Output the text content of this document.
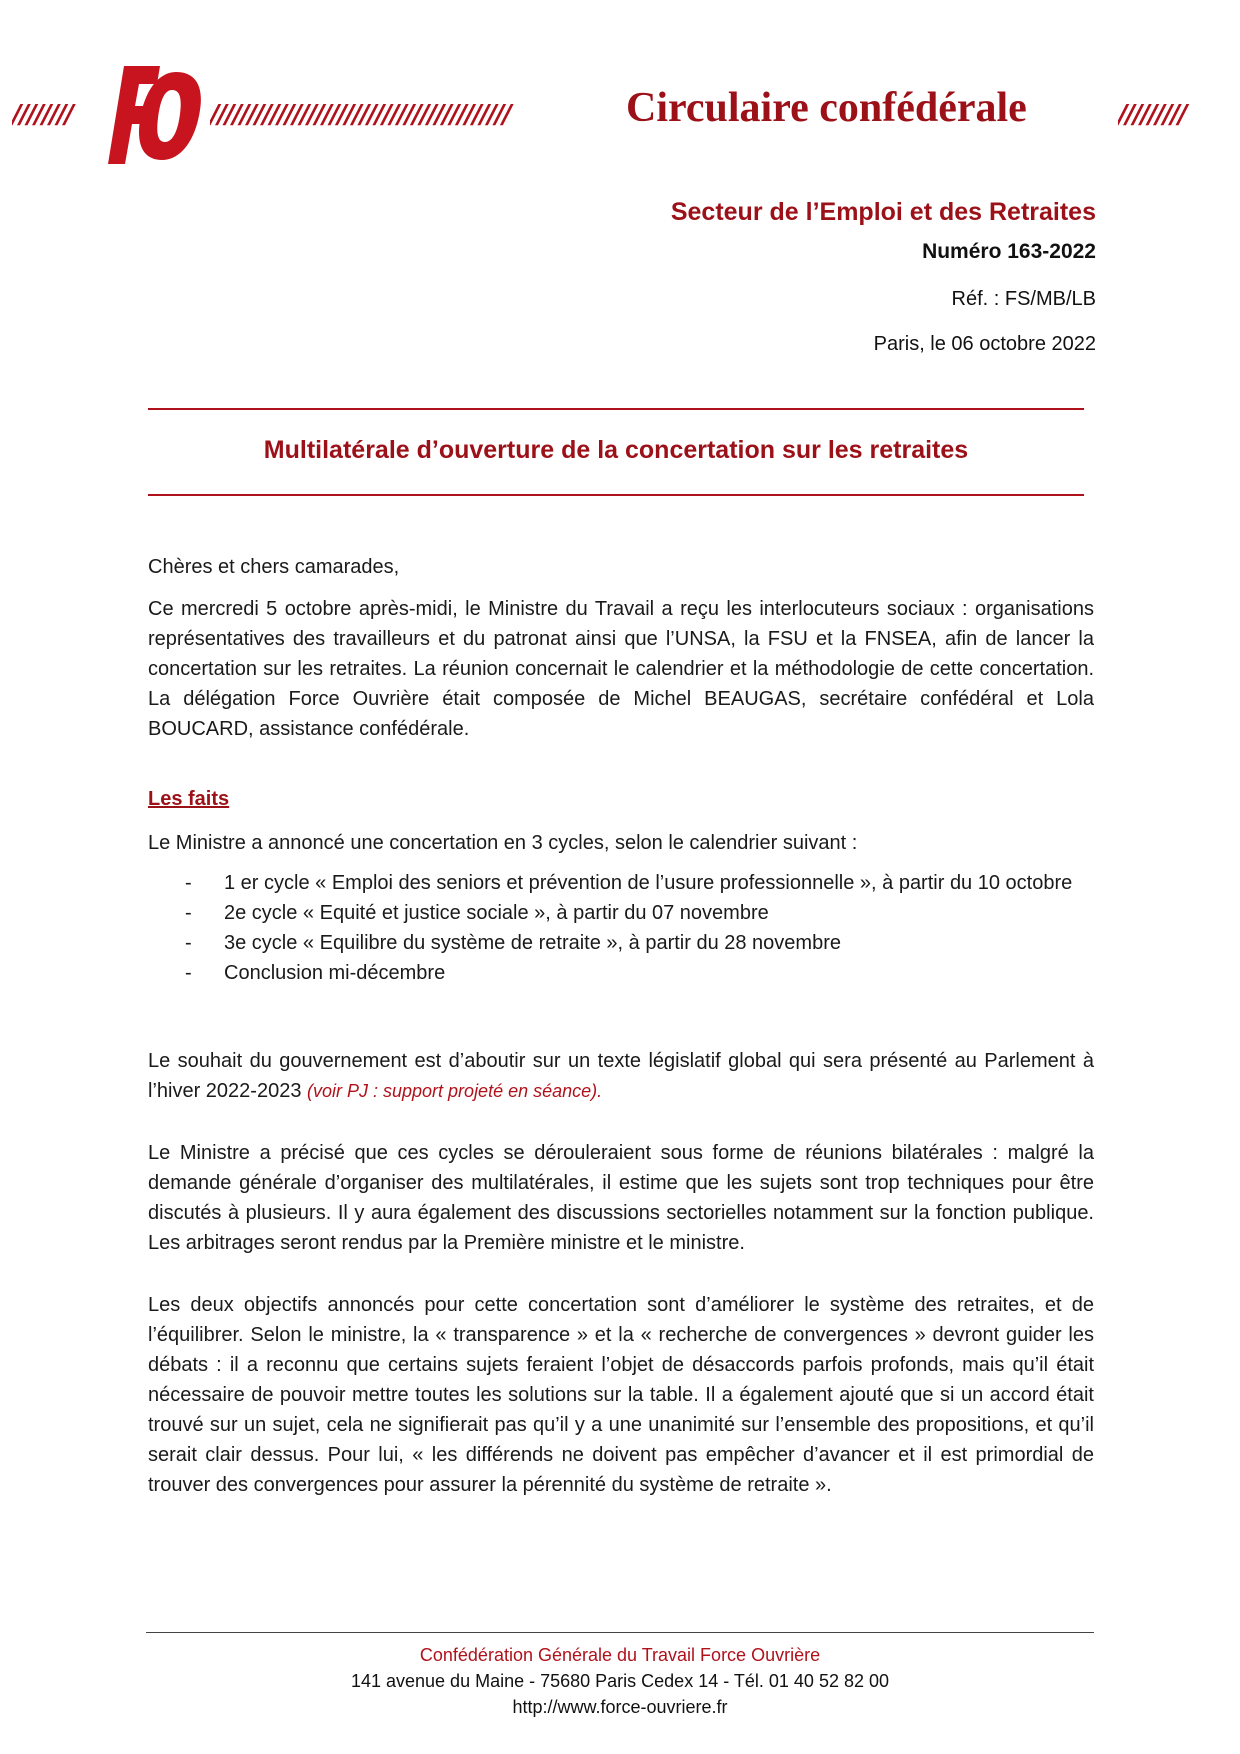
////////	////////////////////////////////////////	Circulaire confédérale	/////////
Secteur de l’Emploi et des Retraites
Numéro 163-2022
Réf. : FS/MB/LB
Paris, le 06 octobre 2022
Multilatérale d’ouverture de la concertation sur les retraites

Chères et chers camarades,

Ce mercredi 5 octobre après-midi, le Ministre du Travail a reçu les interlocuteurs sociaux : organisations représentatives des travailleurs et du patronat ainsi que l’UNSA, la FSU et la FNSEA, afin de lancer la concertation sur les retraites. La réunion concernait le calendrier et la méthodologie de cette concertation. La délégation Force Ouvrière était composée de Michel BEAUGAS, secrétaire confédéral et Lola BOUCARD, assistance confédérale.

Les faits

Le Ministre a annoncé une concertation en 3 cycles, selon le calendrier suivant :

- 1 er cycle « Emploi des seniors et prévention de l’usure professionnelle », à partir du 10 octobre
- 2e cycle « Equité et justice sociale », à partir du 07 novembre
- 3e cycle « Equilibre du système de retraite », à partir du 28 novembre
- Conclusion mi-décembre

Le souhait du gouvernement est d’aboutir sur un texte législatif global qui sera présenté au Parlement à l’hiver 2022-2023 (voir PJ : support projeté en séance).

Le Ministre a précisé que ces cycles se dérouleraient sous forme de réunions bilatérales : malgré la demande générale d’organiser des multilatérales, il estime que les sujets sont trop techniques pour être discutés à plusieurs. Il y aura également des discussions sectorielles notamment sur la fonction publique. Les arbitrages seront rendus par la Première ministre et le ministre.

Les deux objectifs annoncés pour cette concertation sont d’améliorer le système des retraites, et de l’équilibrer. Selon le ministre, la « transparence » et la « recherche de convergences » devront guider les débats : il a reconnu que certains sujets feraient l’objet de désaccords parfois profonds, mais qu’il était nécessaire de pouvoir mettre toutes les solutions sur la table. Il a également ajouté que si un accord était trouvé sur un sujet, cela ne signifierait pas qu’il y a une unanimité sur l’ensemble des propositions, et qu’il serait clair dessus. Pour lui, « les différends ne doivent pas empêcher d’avancer et il est primordial de trouver des convergences pour assurer la pérennité du système de retraite ».

Confédération Générale du Travail Force Ouvrière
141 avenue du Maine - 75680 Paris Cedex 14 - Tél. 01 40 52 82 00
http://www.force-ouvriere.fr
